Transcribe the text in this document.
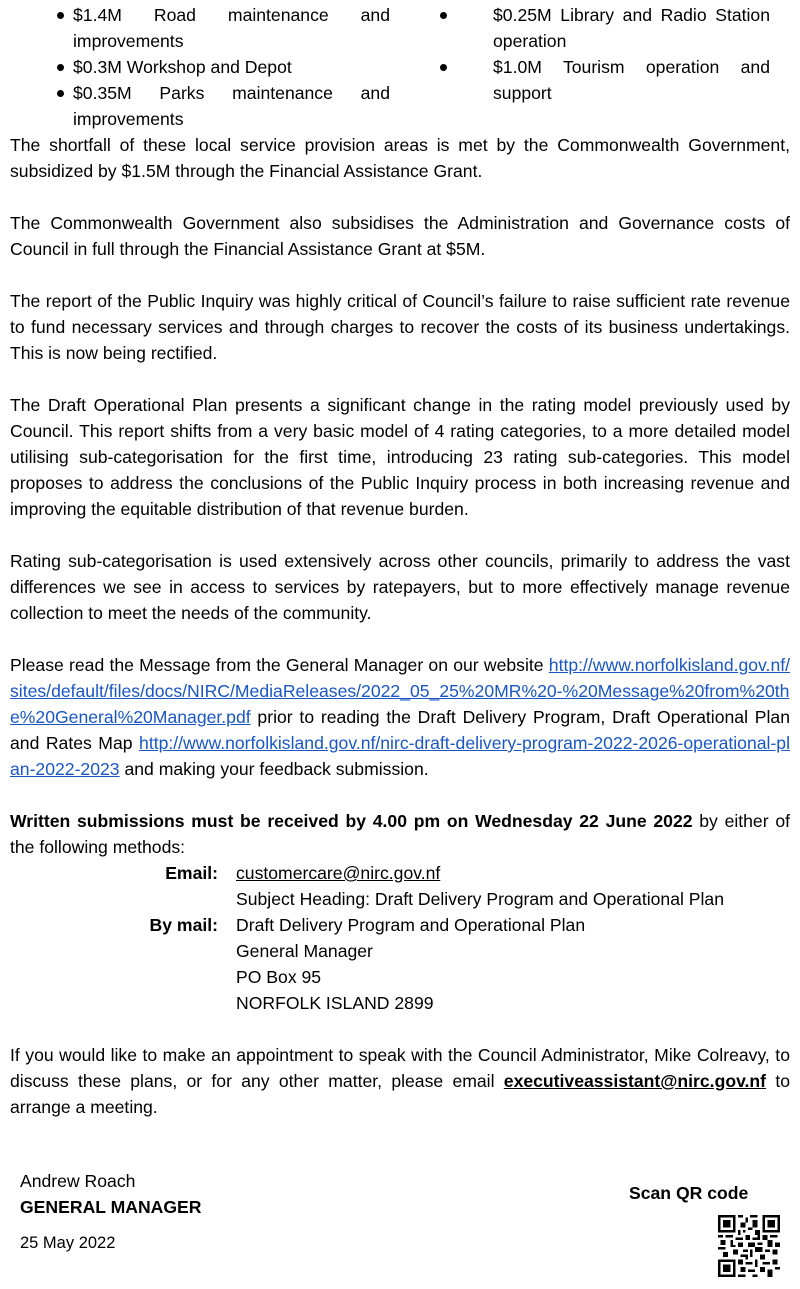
$1.4M Road maintenance and improvements
$0.3M Workshop and Depot
$0.35M Parks maintenance and improvements
$0.25M Library and Radio Station operation
$1.0M Tourism operation and support

The shortfall of these local service provision areas is met by the Commonwealth Government, subsidized by $1.5M through the Financial Assistance Grant.

The Commonwealth Government also subsidises the Administration and Governance costs of Council in full through the Financial Assistance Grant at $5M.

The report of the Public Inquiry was highly critical of Council’s failure to raise sufficient rate revenue to fund necessary services and through charges to recover the costs of its business undertakings. This is now being rectified.

The Draft Operational Plan presents a significant change in the rating model previously used by Council. This report shifts from a very basic model of 4 rating categories, to a more detailed model utilising sub-categorisation for the first time, introducing 23 rating sub-categories. This model proposes to address the conclusions of the Public Inquiry process in both increasing revenue and improving the equitable distribution of that revenue burden.

Rating sub-categorisation is used extensively across other councils, primarily to address the vast differences we see in access to services by ratepayers, but to more effectively manage revenue collection to meet the needs of the community.

Please read the Message from the General Manager on our website http://www.norfolkisland.gov.nf/sites/default/files/docs/NIRC/MediaReleases/2022_05_25%20MR%20-%20Message%20from%20the%20General%20Manager.pdf prior to reading the Draft Delivery Program, Draft Operational Plan and Rates Map http://www.norfolkisland.gov.nf/nirc-draft-delivery-program-2022-2026-operational-plan-2022-2023 and making your feedback submission.

Written submissions must be received by 4.00 pm on Wednesday 22 June 2022 by either of the following methods:

Email: customercare@nirc.gov.nf
Subject Heading: Draft Delivery Program and Operational Plan
By mail: Draft Delivery Program and Operational Plan
General Manager
PO Box 95
NORFOLK ISLAND 2899

If you would like to make an appointment to speak with the Council Administrator, Mike Colreavy, to discuss these plans, or for any other matter, please email executiveassistant@nirc.gov.nf to arrange a meeting.

Andrew Roach
GENERAL MANAGER
25 May 2022
Scan QR code
